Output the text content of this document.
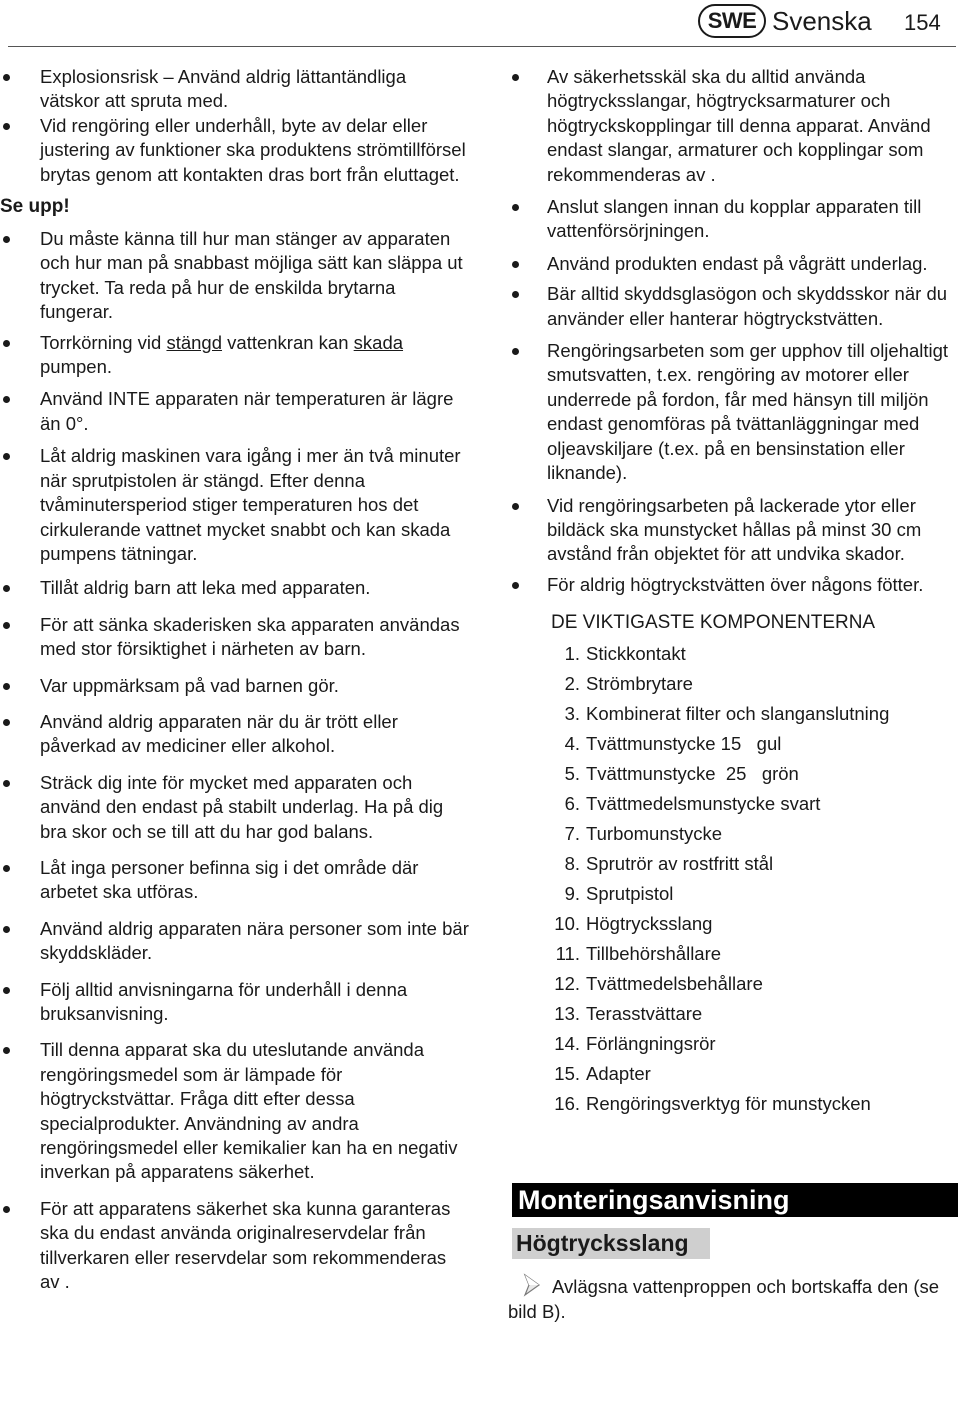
SWE Svenska 154
Explosionsrisk – Använd aldrig lättantändliga vätskor att spruta med.
Vid rengöring eller underhåll, byte av delar eller justering av funktioner ska produktens strömtillförsel brytas genom att kontakten dras bort från eluttaget.
Se upp!
Du måste känna till hur man stänger av apparaten och hur man på snabbast möjliga sätt kan släppa ut trycket. Ta reda på hur de enskilda brytarna fungerar.
Torrkörning vid stängd vattenkran kan skada pumpen.
Använd INTE apparaten när temperaturen är lägre än 0°.
Låt aldrig maskinen vara igång i mer än två minuter när sprutpistolen är stängd. Efter denna tvåminutersperiod stiger temperaturen hos det cirkulerande vattnet mycket snabbt och kan skada pumpens tätningar.
Tillåt aldrig barn att leka med apparaten.
För att sänka skaderisken ska apparaten användas med stor försiktighet i närheten av barn.
Var uppmärksam på vad barnen gör.
Använd aldrig apparaten när du är trött eller påverkad av mediciner eller alkohol.
Sträck dig inte för mycket med apparaten och använd den endast på stabilt underlag. Ha på dig bra skor och se till att du har god balans.
Låt inga personer befinna sig i det område där arbetet ska utföras.
Använd aldrig apparaten nära personer som inte bär skyddskläder.
Följ alltid anvisningarna för underhåll i denna bruksanvisning.
Till denna apparat ska du uteslutande använda rengöringsmedel som är lämpade för högtryckstvättar. Fråga ditt efter dessa specialprodukter. Användning av andra rengöringsmedel eller kemikalier kan ha en negativ inverkan på apparatens säkerhet.
För att apparatens säkerhet ska kunna garanteras ska du endast använda originalreservdelar från tillverkaren eller reservdelar som rekommenderas av .
Av säkerhetsskäl ska du alltid använda högtrycksslangar, högtrycksarmaturer och högtryckskopplingar till denna apparat. Använd endast slangar, armaturer och kopplingar som rekommenderas av .
Anslut slangen innan du kopplar apparaten till vattenförsörjningen.
Använd produkten endast på vågrätt underlag.
Bär alltid skyddsglasögon och skyddsskor när du använder eller hanterar högtryckstvätten.
Rengöringsarbeten som ger upphov till oljehaltigt smutsvatten, t.ex. rengöring av motorer eller underrede på fordon, får med hänsyn till miljön endast genomföras på tvättanläggningar med oljeavskiljare (t.ex. på en bensinstation eller liknande).
Vid rengöringsarbeten på lackerade ytor eller bildäck ska munstycket hållas på minst 30 cm avstånd från objektet för att undvika skador.
För aldrig högtryckstvätten över någons fötter.
DE VIKTIGASTE KOMPONENTERNA
1. Stickkontakt
2. Strömbrytare
3. Kombinerat filter och slanganslutning
4. Tvättmunstycke 15   gul
5. Tvättmunstycke  25   grön
6. Tvättmedelsmunstycke svart
7. Turbomunstycke
8. Sprutrör av rostfritt stål
9. Sprutpistol
10. Högtrycksslang
11. Tillbehörshållare
12. Tvättmedelsbehållare
13. Terasstvättare
14. Förlängningsrör
15. Adapter
16. Rengöringsverktyg för munstycken
Monteringsanvisning
Högtrycksslang
Avlägsna vattenproppen och bortskaffa den (se bild B).
